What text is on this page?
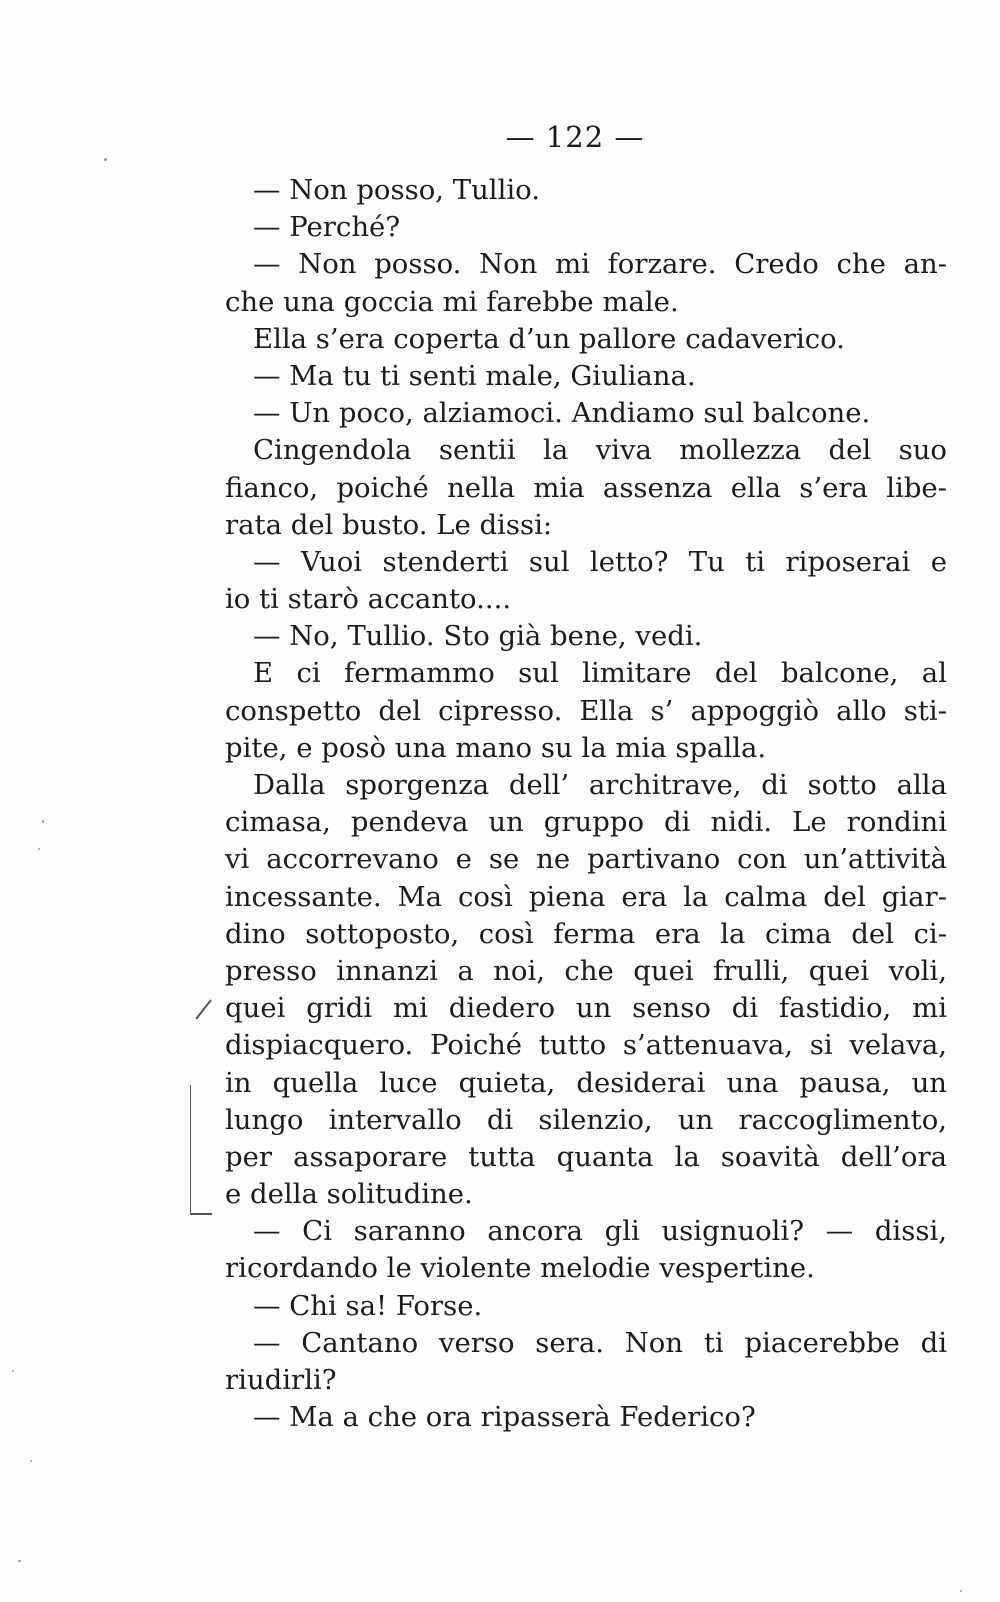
— 122 —
— Non posso, Tullio.
— Perché?
— Non posso. Non mi forzare. Credo che an-
che una goccia mi farebbe male.
Ella s’era coperta d’un pallore cadaverico.
— Ma tu ti senti male, Giuliana.
— Un poco, alziamoci. Andiamo sul balcone.
Cingendola sentii la viva mollezza del suo
fianco, poiché nella mia assenza ella s’era libe-
rata del busto. Le dissi:
— Vuoi stenderti sul letto? Tu ti riposerai e
io ti starò accanto....
— No, Tullio. Sto già bene, vedi.
E ci fermammo sul limitare del balcone, al
conspetto del cipresso. Ella s’ appoggiò allo sti-
pite, e posò una mano su la mia spalla.
Dalla sporgenza dell’ architrave, di sotto alla
cimasa, pendeva un gruppo di nidi. Le rondini
vi accorrevano e se ne partivano con un’attività
incessante. Ma così piena era la calma del giar-
dino sottoposto, così ferma era la cima del ci-
presso innanzi a noi, che quei frulli, quei voli,
quei gridi mi diedero un senso di fastidio, mi
dispiacquero. Poiché tutto s’attenuava, si velava,
in quella luce quieta, desiderai una pausa, un
lungo intervallo di silenzio, un raccoglimento,
per assaporare tutta quanta la soavità dell’ora
e della solitudine.
— Ci saranno ancora gli usignuoli? — dissi,
ricordando le violente melodie vespertine.
— Chi sa! Forse.
— Cantano verso sera. Non ti piacerebbe di
riudirli?
— Ma a che ora ripasserà Federico?
